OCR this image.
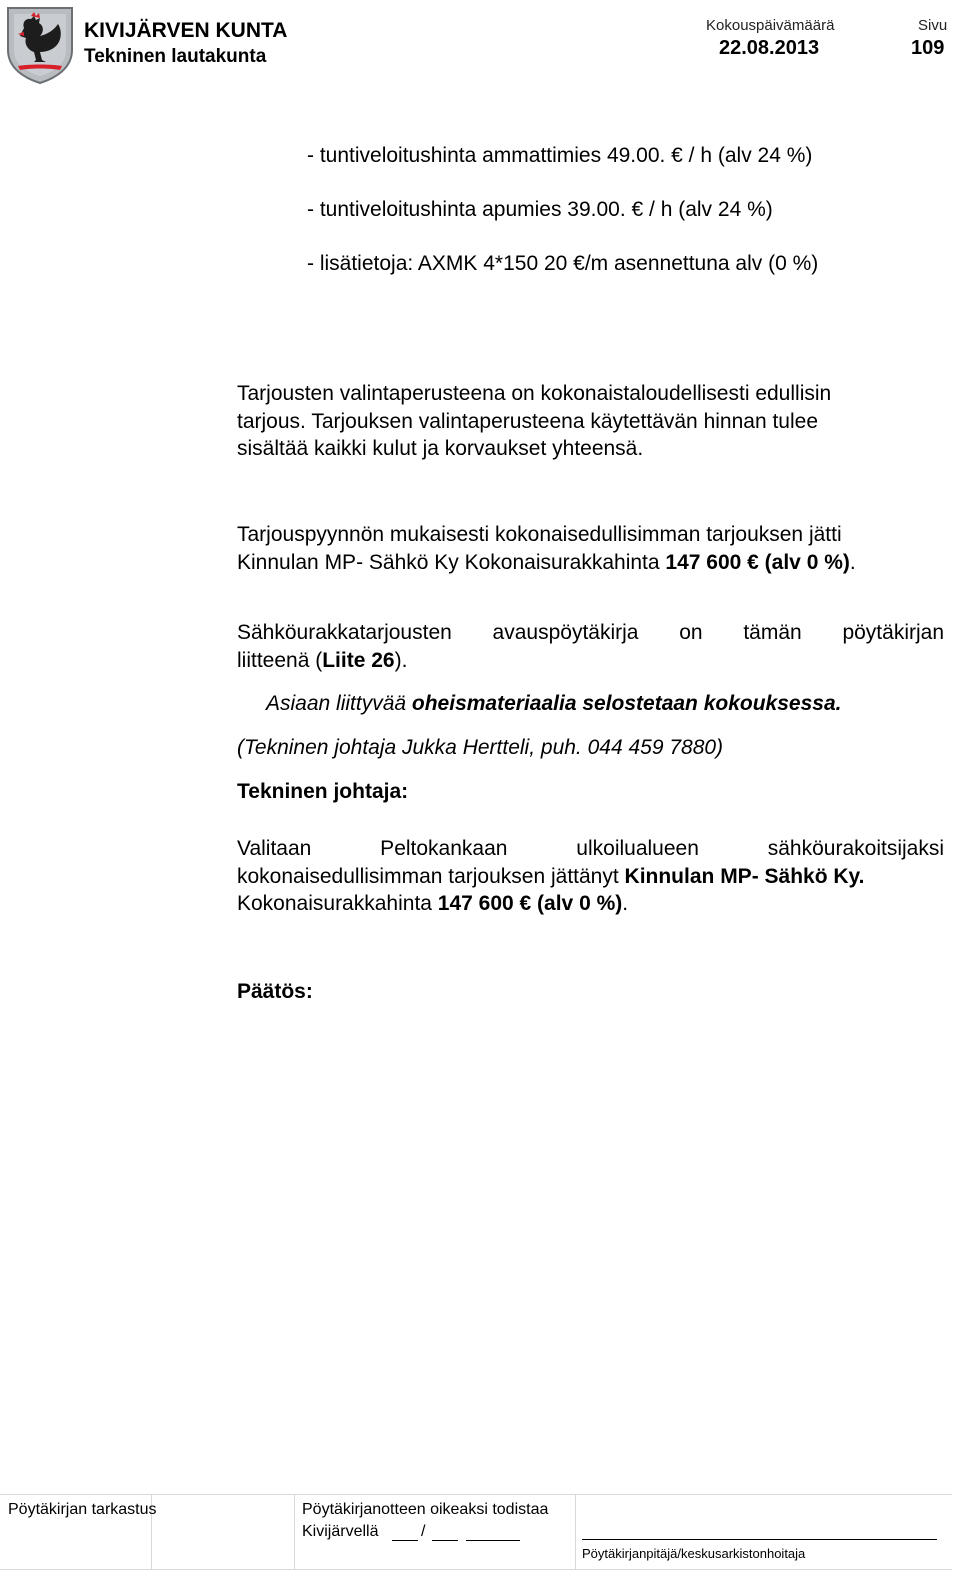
KIVIJÄRVEN KUNTA
Tekninen lautakunta
Kokouspäivämäärä
22.08.2013
Sivu
109
- tuntiveloitushinta ammattimies 49.00. € / h (alv 24 %)
- tuntiveloitushinta apumies 39.00. € / h (alv 24 %)
- lisätietoja: AXMK 4*150 20 €/m asennettuna alv (0 %)
Tarjousten valintaperusteena on kokonaistaloudellisesti edullisin
tarjous. Tarjouksen valintaperusteena käytettävän hinnan tulee
sisältää kaikki kulut ja korvaukset yhteensä.
Tarjouspyynnön mukaisesti kokonaisedullisimman tarjouksen jätti
Kinnulan MP- Sähkö Ky Kokonaisurakkahinta 147 600 € (alv 0 %).
Sähköurakkatarjousten avauspöytäkirja on tämän pöytäkirjan
liitteenä (Liite 26).
Asiaan liittyvää oheismateriaalia selostetaan kokouksessa.
(Tekninen johtaja Jukka Hertteli, puh. 044 459 7880)
Tekninen johtaja:
Valitaan Peltokankaan ulkoilualueen sähköurakoitsijaksi
kokonaisedullisimman tarjouksen jättänyt Kinnulan MP- Sähkö Ky.
Kokonaisurakkahinta 147 600 € (alv 0 %).
Päätös:
Pöytäkirjan tarkastus	Pöytäkirjanotteen oikeaksi todistaa
Kivijärvellä	/
Pöytäkirjanpitäjä/keskusarkistonhoitaja
